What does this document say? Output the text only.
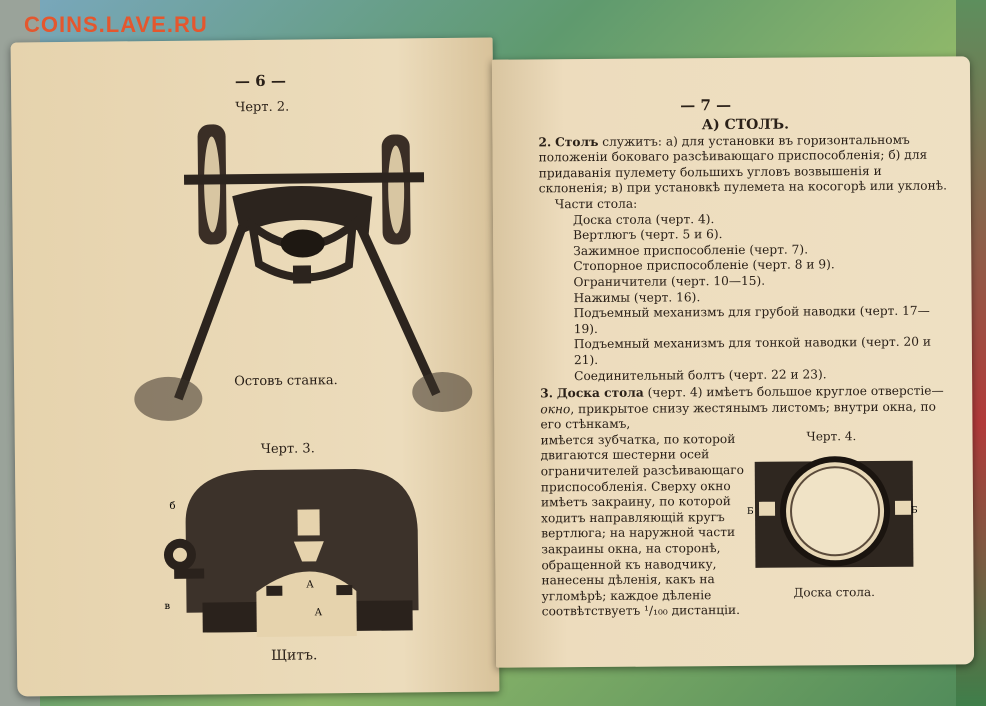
— 6 —
Черт. 2.
Остовъ станка.
Черт. 3.
б
в
А
А
Щитъ.
— 7 —

А) СТОЛЪ.

2. Столъ служитъ: а) для установки въ горизонтальномъ положеніи боковаго разсѣивающаго приспособленія; б) для придаванія пулемету большихъ угловъ возвышенія и склоненія; в) при установкѣ пулемета на косогорѣ или уклонѣ.

Части стола:

Доска стола (черт. 4).

Вертлюгъ (черт. 5 и 6).

Зажимное приспособленіе (черт. 7).

Стопорное приспособленіе (черт. 8 и 9).

Ограничители (черт. 10—15).

Нажимы (черт. 16).

Подъемный механизмъ для грубой наводки (черт. 17—19).

Подъемный механизмъ для тонкой наводки (черт. 20 и 21).

Соединительный болтъ (черт. 22 и 23).

3. Доска стола (черт. 4) имѣетъ большое круглое отверстіе—окно, прикрытое снизу жестянымъ листомъ; внутри окна, по его стѣнкамъ,

имѣется зубчатка, по которой двигаются шестерни осей ограничителей разсѣивающаго приспособленія. Сверху окно имѣетъ закраину, по которой ходитъ направляющій кругъ вертлюга; на наружной части закраины окна, на сторонѣ, обращенной къ наводчику, нанесены дѣленія, какъ на угломѣрѣ; каждое дѣленіе соотвѣтствуетъ ¹/₁₀₀ дистанціи.

Черт. 4.
Б	Б
Доска стола.
COINS.LAVE.RU
